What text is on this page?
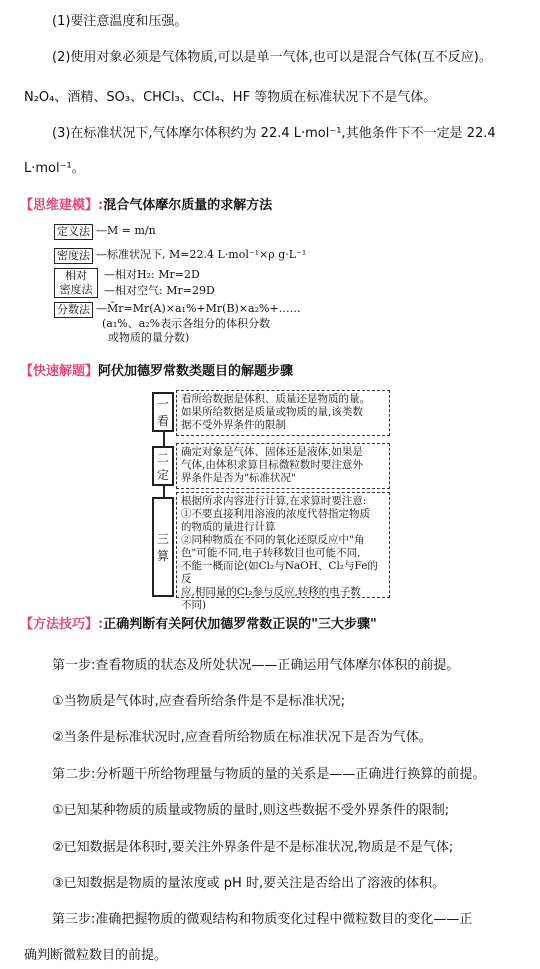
(1)要注意温度和压强。
(2)使用对象必须是气体物质,可以是单一气体,也可以是混合气体(互不反应)。
N₂O₄、酒精、SO₃、CHCl₃、CCl₄、HF 等物质在标准状况下不是气体。
(3)在标准状况下,气体摩尔体积约为 22.4 L·mol⁻¹,其他条件下不一定是 22.4
L·mol⁻¹。
【思维建模】:混合气体摩尔质量的求解方法
定义法 —M = m/n
密度法 —标准状况下, M=22.4 L·mol⁻¹×ρ g·L⁻¹
相对
密度法
—相对H₂: Mr=2D
—相对空气: Mr=29D
分数法 —M̄r=Mr(A)×a₁%+Mr(B)×a₂%+……
(a₁%、a₂%表示各组分的体积分数
或物质的量分数)
【快速解题】阿伏加德罗常数类题目的解题步骤
一
看
看所给数据是体积、质量还是物质的量。
如果所给数据是质量或物质的量,该类数
据不受外界条件的限制
二
定
确定对象是气体、固体还是液体,如果是
气体,由体积求算目标微粒数时要注意外
界条件是否为"标准状况"
三
算
根据所求内容进行计算,在求算时要注意:
①不要直接利用溶液的浓度代替指定物质
的物质的量进行计算
②同种物质在不同的氧化还原反应中"角
色"可能不同,电子转移数目也可能不同,
不能一概而论(如Cl₂与NaOH、Cl₂与Fe的反
应,相同量的Cl₂参与反应,转移的电子数
不同)
【方法技巧】:正确判断有关阿伏加德罗常数正误的"三大步骤"
第一步:查看物质的状态及所处状况——正确运用气体摩尔体积的前提。
①当物质是气体时,应查看所给条件是不是标准状况;
②当条件是标准状况时,应查看所给物质在标准状况下是否为气体。
第二步:分析题干所给物理量与物质的量的关系是——正确进行换算的前提。
①已知某种物质的质量或物质的量时,则这些数据不受外界条件的限制;
②已知数据是体积时,要关注外界条件是不是标准状况,物质是不是气体;
③已知数据是物质的量浓度或 pH 时,要关注是否给出了溶液的体积。
第三步:准确把握物质的微观结构和物质变化过程中微粒数目的变化——正
确判断微粒数目的前提。
